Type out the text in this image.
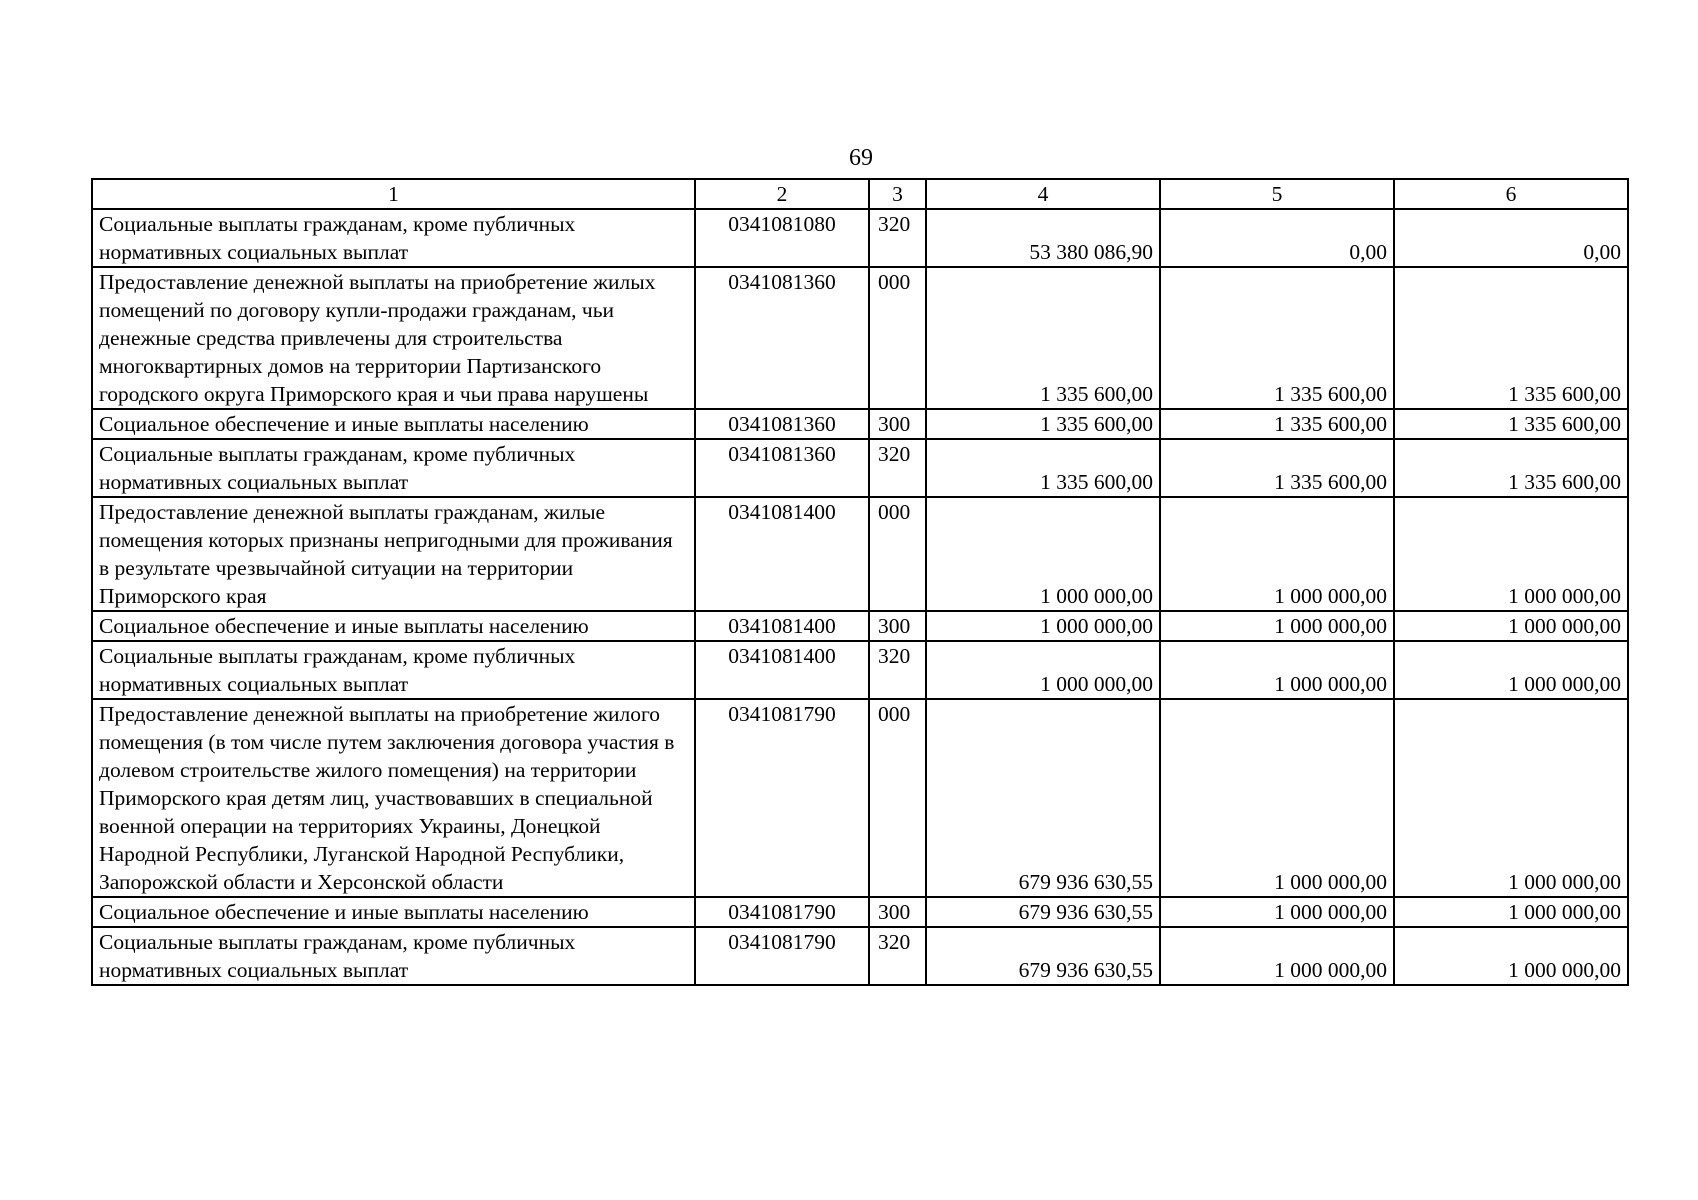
69
1	2	3	4	5	6
Социальные выплаты гражданам, кроме публичных нормативных социальных выплат	0341081080	320	53 380 086,90	0,00	0,00
Предоставление денежной выплаты на приобретение жилых помещений по договору купли-продажи гражданам, чьи денежные средства привлечены для строительства многоквартирных домов на территории Партизанского городского округа Приморского края и чьи права нарушены	0341081360	000	1 335 600,00	1 335 600,00	1 335 600,00
Социальное обеспечение и иные выплаты населению	0341081360	300	1 335 600,00	1 335 600,00	1 335 600,00
Социальные выплаты гражданам, кроме публичных нормативных социальных выплат	0341081360	320	1 335 600,00	1 335 600,00	1 335 600,00
Предоставление денежной выплаты гражданам, жилые помещения которых признаны непригодными для проживания в результате чрезвычайной ситуации на территории Приморского края	0341081400	000	1 000 000,00	1 000 000,00	1 000 000,00
Социальное обеспечение и иные выплаты населению	0341081400	300	1 000 000,00	1 000 000,00	1 000 000,00
Социальные выплаты гражданам, кроме публичных нормативных социальных выплат	0341081400	320	1 000 000,00	1 000 000,00	1 000 000,00
Предоставление денежной выплаты на приобретение жилого помещения (в том числе путем заключения договора участия в долевом строительстве жилого помещения) на территории Приморского края детям лиц, участвовавших в специальной военной операции на территориях Украины, Донецкой Народной Республики, Луганской Народной Республики, Запорожской области и Херсонской области	0341081790	000	679 936 630,55	1 000 000,00	1 000 000,00
Социальное обеспечение и иные выплаты населению	0341081790	300	679 936 630,55	1 000 000,00	1 000 000,00
Социальные выплаты гражданам, кроме публичных нормативных социальных выплат	0341081790	320	679 936 630,55	1 000 000,00	1 000 000,00
